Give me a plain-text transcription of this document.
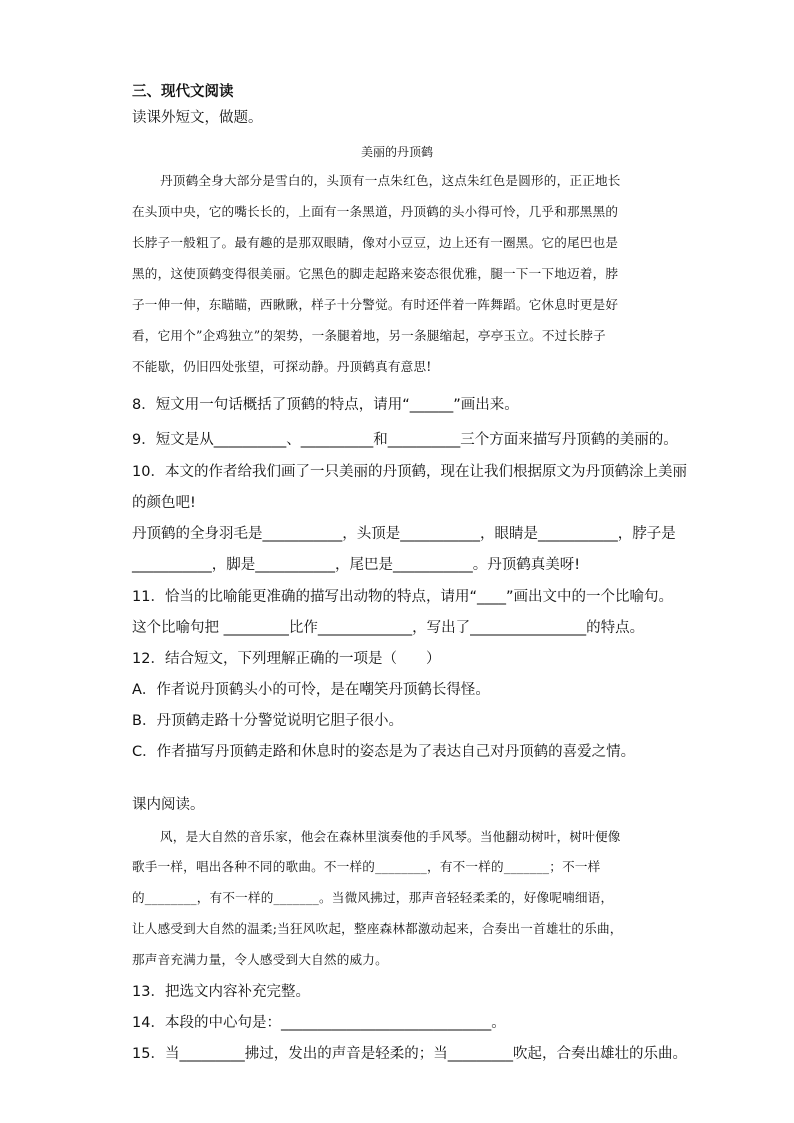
三、现代文阅读
读课外短文，做题。
美丽的丹顶鹤
丹顶鹤全身大部分是雪白的，头顶有一点朱红色，这点朱红色是圆形的，正正地长
在头顶中央，它的嘴长长的，上面有一条黑道，丹顶鹤的头小得可怜，几乎和那黑黑的
长脖子一般粗了。最有趣的是那双眼睛，像对小豆豆，边上还有一圈黑。它的尾巴也是
黑的，这使顶鹤变得很美丽。它黑色的脚走起路来姿态很优雅，腿一下一下地迈着，脖
子一伸一伸，东瞄瞄，西瞅瞅，样子十分警觉。有时还伴着一阵舞蹈。它休息时更是好
看，它用个”企鸡独立”的架势，一条腿着地，另一条腿缩起，亭亭玉立。不过长脖子
不能歇，仍旧四处张望，可探动静。丹顶鹤真有意思!
8．短文用一句话概括了顶鹤的特点，请用“______”画出来。
9．短文是从__________、__________和__________三个方面来描写丹顶鹤的美丽的。
10．本文的作者给我们画了一只美丽的丹顶鹤，现在让我们根据原文为丹顶鹤涂上美丽
的颜色吧!
丹顶鹤的全身羽毛是___________，头顶是___________，眼睛是___________，脖子是
___________，脚是___________，尾巴是___________。丹顶鹤真美呀!
11．恰当的比喻能更准确的描写出动物的特点，请用“____”画出文中的一个比喻句。
这个比喻句把 _________比作_____________，写出了________________的特点。
12．结合短文，下列理解正确的一项是（　　）
A．作者说丹顶鹤头小的可怜，是在嘲笑丹顶鹤长得怪。
B．丹顶鹤走路十分警觉说明它胆子很小。
C．作者描写丹顶鹤走路和休息时的姿态是为了表达自己对丹顶鹤的喜爱之情。
课内阅读。
风，是大自然的音乐家，他会在森林里演奏他的手风琴。当他翻动树叶，树叶便像
歌手一样，唱出各种不同的歌曲。不一样的________，有不一样的_______；不一样
的________，有不一样的_______。当微风拂过，那声音轻轻柔柔的，好像呢喃细语，
让人感受到大自然的温柔;当狂风吹起，整座森林都激动起来，合奏出一首雄壮的乐曲，
那声音充满力量，令人感受到大自然的威力。
13．把选文内容补充完整。
14．本段的中心句是：_____________________________。
15．当_________拂过，发出的声音是轻柔的；当_________吹起，合奏出雄壮的乐曲。
